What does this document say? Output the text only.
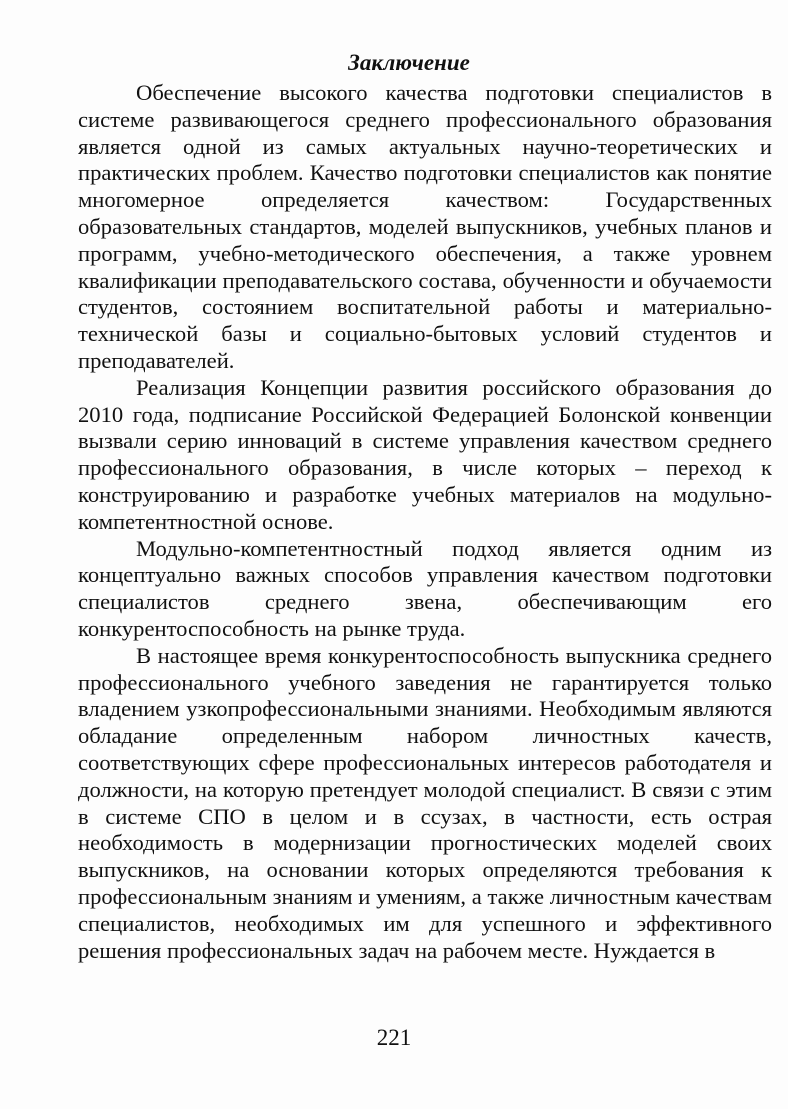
Заключение

Обеспечение высокого качества подготовки специалистов в системе развивающегося среднего профессионального образования является одной из самых актуальных научно-теоретических и практических проблем. Качество подготовки специалистов как понятие многомерное определяется качеством: Государственных образовательных стандартов, моделей выпускников, учебных планов и программ, учебно-методического обеспечения, а также уровнем квалификации преподавательского состава, обученности и обучаемости студентов, состоянием воспитательной работы и материально-технической базы и социально-бытовых условий студентов и преподавателей.

Реализация Концепции развития российского образования до 2010 года, подписание Российской Федерацией Болонской конвенции вызвали серию инноваций в системе управления качеством среднего профессионального образования, в числе которых – переход к конструированию и разработке учебных материалов на модульно-компетентностной основе.

Модульно-компетентностный подход является одним из концептуально важных способов управления качеством подготовки специалистов среднего звена, обеспечивающим его конкурентоспособность на рынке труда.

В настоящее время конкурентоспособность выпускника среднего профессионального учебного заведения не гарантируется только владением узкопрофессиональными знаниями. Необходимым являются обладание определенным набором личностных качеств, соответствующих сфере профессиональных интересов работодателя и должности, на которую претендует молодой специалист. В связи с этим в системе СПО в целом и в ссузах, в частности, есть острая необходимость в модернизации прогностических моделей своих выпускников, на основании которых определяются требования к профессиональным знаниям и умениям, а также личностным качествам специалистов, необходимых им для успешного и эффективного решения профессиональных задач на рабочем месте. Нуждается в

221
